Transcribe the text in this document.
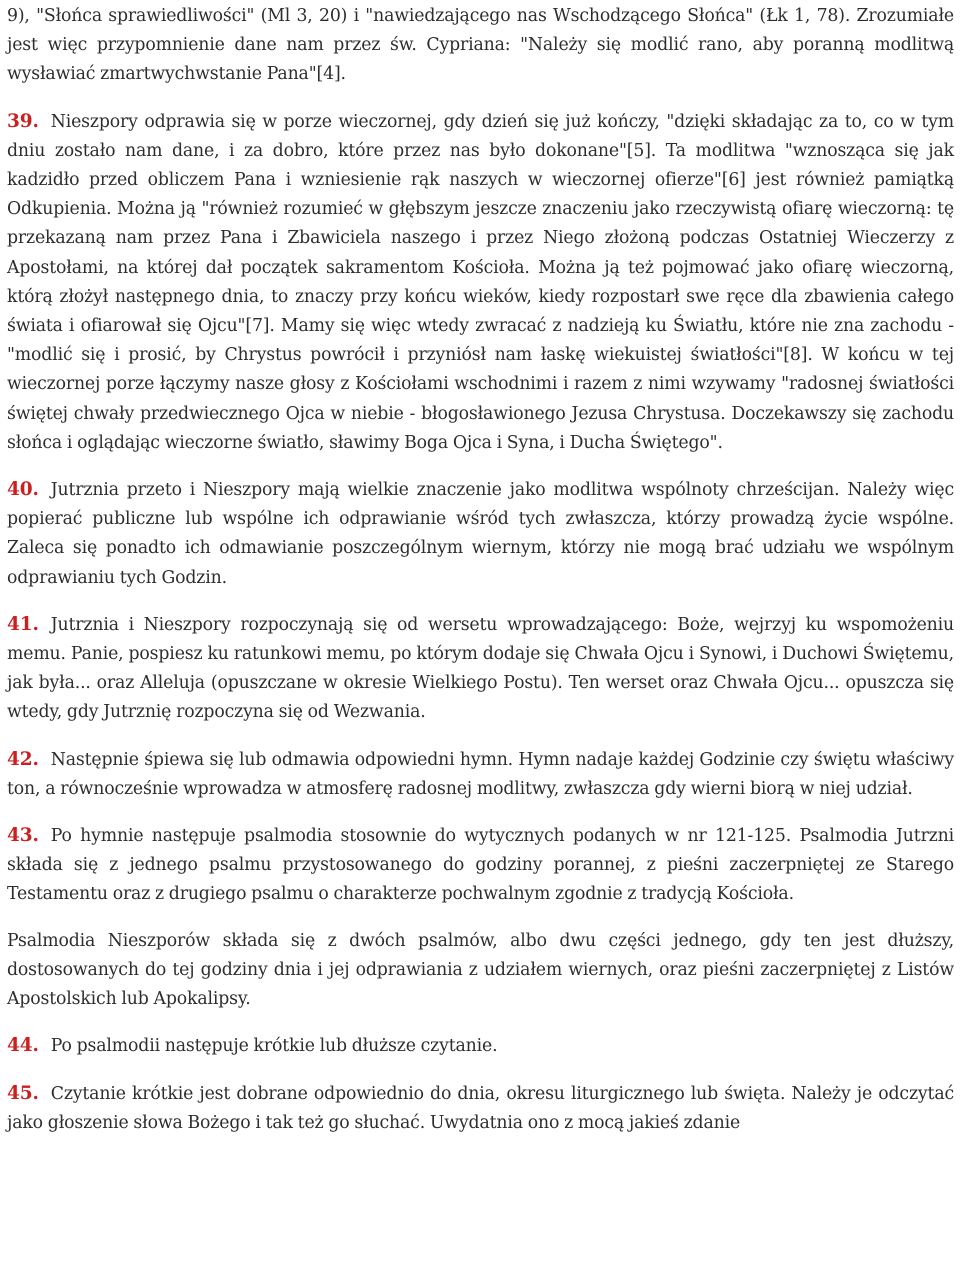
9), "Słońca sprawiedliwości" (Ml 3, 20) i "nawiedzającego nas Wschodzącego Słońca" (Łk 1, 78). Zrozumiałe jest więc przypomnienie dane nam przez św. Cypriana: "Należy się modlić rano, aby poranną modlitwą wysławiać zmartwychwstanie Pana"[4].

39. Nieszpory odprawia się w porze wieczornej, gdy dzień się już kończy, "dzięki składając za to, co w tym dniu zostało nam dane, i za dobro, które przez nas było dokonane"[5]. Ta modlitwa "wznosząca się jak kadzidło przed obliczem Pana i wzniesienie rąk naszych w wieczornej ofierze"[6] jest również pamiątką Odkupienia. Można ją "również rozumieć w głębszym jeszcze znaczeniu jako rzeczywistą ofiarę wieczorną: tę przekazaną nam przez Pana i Zbawiciela naszego i przez Niego złożoną podczas Ostatniej Wieczerzy z Apostołami, na której dał początek sakramentom Kościoła. Można ją też pojmować jako ofiarę wieczorną, którą złożył następnego dnia, to znaczy przy końcu wieków, kiedy rozpostarł swe ręce dla zbawienia całego świata i ofiarował się Ojcu"[7]. Mamy się więc wtedy zwracać z nadzieją ku Światłu, które nie zna zachodu - "modlić się i prosić, by Chrystus powrócił i przyniósł nam łaskę wiekuistej światłości"[8]. W końcu w tej wieczornej porze łączymy nasze głosy z Kościołami wschodnimi i razem z nimi wzywamy "radosnej światłości świętej chwały przedwiecznego Ojca w niebie - błogosławionego Jezusa Chrystusa. Doczekawszy się zachodu słońca i oglądając wieczorne światło, sławimy Boga Ojca i Syna, i Ducha Świętego".

40. Jutrznia przeto i Nieszpory mają wielkie znaczenie jako modlitwa wspólnoty chrześcijan. Należy więc popierać publiczne lub wspólne ich odprawianie wśród tych zwłaszcza, którzy prowadzą życie wspólne. Zaleca się ponadto ich odmawianie poszczególnym wiernym, którzy nie mogą brać udziału we wspólnym odprawianiu tych Godzin.

41. Jutrznia i Nieszpory rozpoczynają się od wersetu wprowadzającego: Boże, wejrzyj ku wspomożeniu memu. Panie, pospiesz ku ratunkowi memu, po którym dodaje się Chwała Ojcu i Synowi, i Duchowi Świętemu, jak była... oraz Alleluja (opuszczane w okresie Wielkiego Postu). Ten werset oraz Chwała Ojcu... opuszcza się wtedy, gdy Jutrznię rozpoczyna się od Wezwania.

42. Następnie śpiewa się lub odmawia odpowiedni hymn. Hymn nadaje każdej Godzinie czy świętu właściwy ton, a równocześnie wprowadza w atmosferę radosnej modlitwy, zwłaszcza gdy wierni biorą w niej udział.

43. Po hymnie następuje psalmodia stosownie do wytycznych podanych w nr 121-125. Psalmodia Jutrzni składa się z jednego psalmu przystosowanego do godziny porannej, z pieśni zaczerpniętej ze Starego Testamentu oraz z drugiego psalmu o charakterze pochwalnym zgodnie z tradycją Kościoła.

Psalmodia Nieszporów składa się z dwóch psalmów, albo dwu części jednego, gdy ten jest dłuższy, dostosowanych do tej godziny dnia i jej odprawiania z udziałem wiernych, oraz pieśni zaczerpniętej z Listów Apostolskich lub Apokalipsy.

44. Po psalmodii następuje krótkie lub dłuższe czytanie.

45. Czytanie krótkie jest dobrane odpowiednio do dnia, okresu liturgicznego lub święta. Należy je odczytać jako głoszenie słowa Bożego i tak też go słuchać. Uwydatnia ono z mocą jakieś zdanie
